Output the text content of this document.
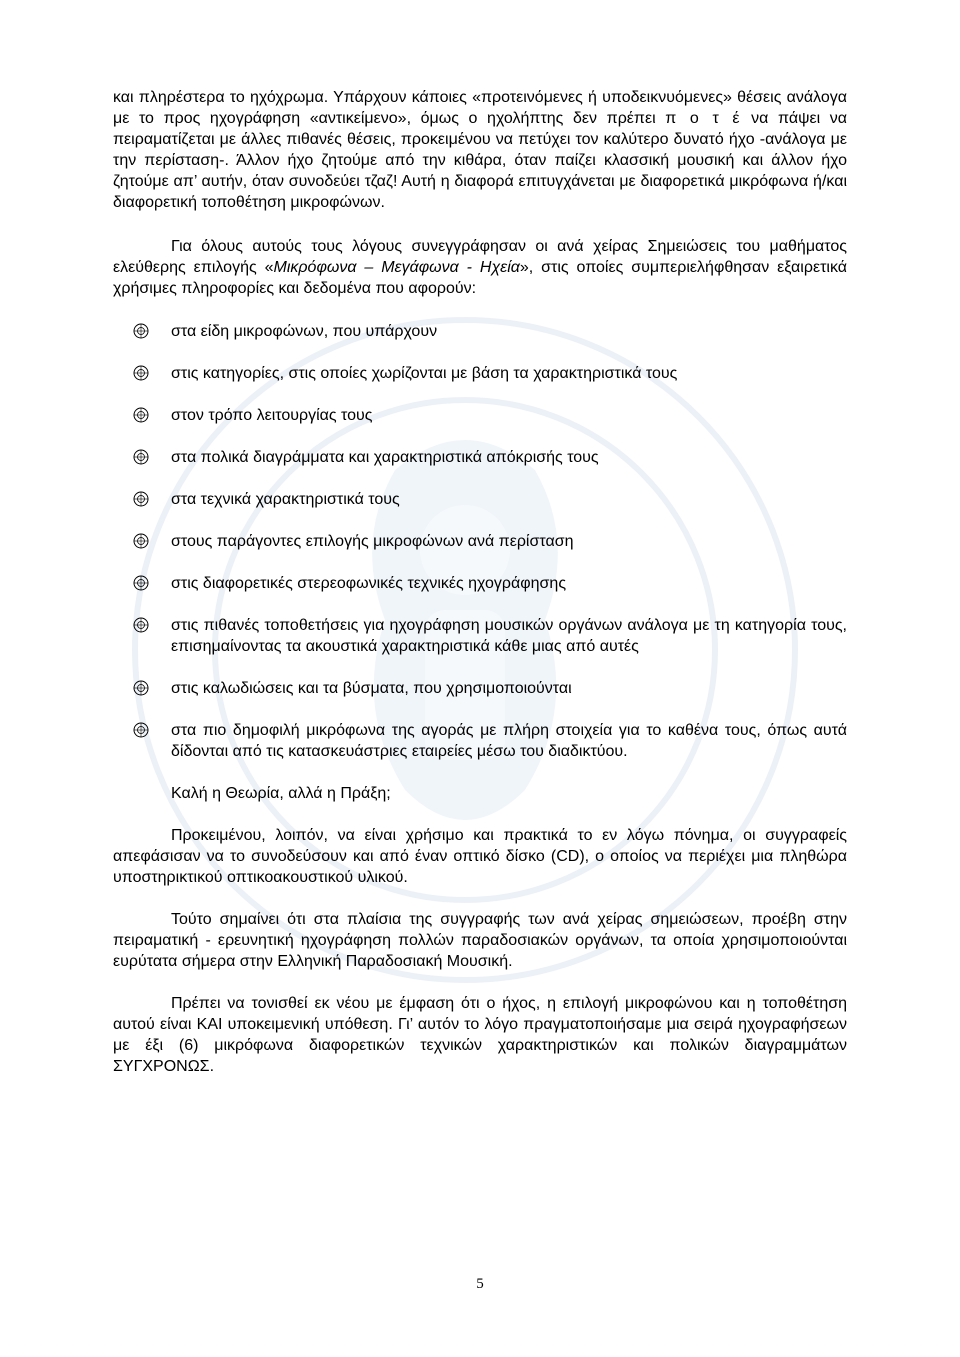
και πληρέστερα το ηχόχρωμα. Υπάρχουν κάποιες «προτεινόμενες ή υποδεικνυόμενες» θέσεις ανάλογα με το προς ηχογράφηση «αντικείμενο», όμως ο ηχολήπτης δεν πρέπει π ο τ έ να πάψει να πειραματίζεται με άλλες πιθανές θέσεις, προκειμένου να πετύχει τον καλύτερο δυνατό ήχο -ανάλογα με την περίσταση-. Άλλον ήχο ζητούμε από την κιθάρα, όταν παίζει κλασσική μουσική και άλλον ήχο ζητούμε απ’ αυτήν, όταν συνοδεύει τζαζ! Αυτή η διαφορά επιτυγχάνεται με διαφορετικά μικρόφωνα ή/και διαφορετική τοποθέτηση μικροφώνων.

Για όλους αυτούς τους λόγους συνεγγράφησαν οι ανά χείρας Σημειώσεις του μαθήματος ελεύθερης επιλογής «Μικρόφωνα – Μεγάφωνα - Ηχεία», στις οποίες συμπεριελήφθησαν εξαιρετικά χρήσιμες πληροφορίες και δεδομένα που αφορούν:

στα είδη μικροφώνων, που υπάρχουν
στις κατηγορίες, στις οποίες χωρίζονται με βάση τα χαρακτηριστικά τους
στον τρόπο λειτουργίας τους
στα πολικά διαγράμματα και χαρακτηριστικά απόκρισής τους
στα τεχνικά χαρακτηριστικά τους
στους παράγοντες επιλογής μικροφώνων ανά περίσταση
στις διαφορετικές στερεοφωνικές τεχνικές ηχογράφησης
στις πιθανές τοποθετήσεις για ηχογράφηση μουσικών οργάνων ανάλογα με τη κατηγορία τους, επισημαίνοντας τα ακουστικά χαρακτηριστικά κάθε μιας από αυτές
στις καλωδιώσεις και τα βύσματα, που χρησιμοποιούνται
στα πιο δημοφιλή μικρόφωνα της αγοράς με πλήρη στοιχεία για το καθένα τους, όπως αυτά δίδονται από τις κατασκευάστριες εταιρείες μέσω του διαδικτύου.

Καλή η Θεωρία, αλλά η Πράξη;

Προκειμένου, λοιπόν, να είναι χρήσιμο και πρακτικά το εν λόγω πόνημα, οι συγγραφείς απεφάσισαν να το συνοδεύσουν και από έναν οπτικό δίσκο (CD), ο οποίος να περιέχει μια πληθώρα υποστηρικτικού οπτικοακουστικού υλικού.

Τούτο σημαίνει ότι στα πλαίσια της συγγραφής των ανά χείρας σημειώσεων, προέβη στην πειραματική - ερευνητική ηχογράφηση πολλών παραδοσιακών οργάνων, τα οποία χρησιμοποιούνται ευρύτατα σήμερα στην Ελληνική Παραδοσιακή Μουσική.

Πρέπει να τονισθεί εκ νέου με έμφαση ότι ο ήχος, η επιλογή μικροφώνου και η τοποθέτηση αυτού είναι ΚΑΙ υποκειμενική υπόθεση. Γι’ αυτόν το λόγο πραγματοποιήσαμε μια σειρά ηχογραφήσεων με έξι (6) μικρόφωνα διαφορετικών τεχνικών χαρακτηριστικών και πολικών διαγραμμάτων ΣΥΓΧΡΟΝΩΣ.

5
